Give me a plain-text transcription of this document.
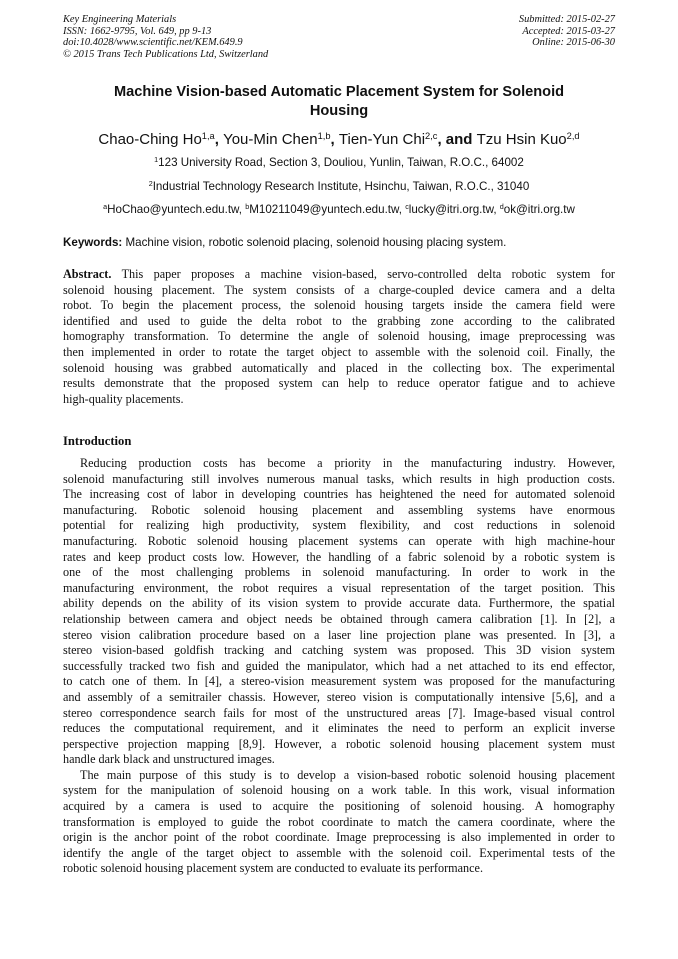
Key Engineering Materials
ISSN: 1662-9795, Vol. 649, pp 9-13
doi:10.4028/www.scientific.net/KEM.649.9
© 2015 Trans Tech Publications Ltd, Switzerland
Submitted: 2015-02-27
Accepted: 2015-03-27
Online: 2015-06-30
Machine Vision-based Automatic Placement System for Solenoid
Housing
Chao-Ching Ho$^{1,a}$, You-Min Chen$^{1,b}$, Tien-Yun Chi$^{2,c}$, and Tzu Hsin Kuo$^{2,d}$
$^1$123 University Road, Section 3, Douliou, Yunlin, Taiwan, R.O.C., 64002
$^2$Industrial Technology Research Institute, Hsinchu, Taiwan, R.O.C., 31040
$^a$HoChao@yuntech.edu.tw, $^b$M10211049@yuntech.edu.tw, $^c$lucky@itri.org.tw, $^d$ok@itri.org.tw
Keywords: Machine vision, robotic solenoid placing, solenoid housing placing system.
Abstract. This paper proposes a machine vision-based, servo-controlled delta robotic system for
solenoid housing placement. The system consists of a charge-coupled device camera and a delta
robot. To begin the placement process, the solenoid housing targets inside the camera field were
identified and used to guide the delta robot to the grabbing zone according to the calibrated
homography transformation. To determine the angle of solenoid housing, image preprocessing was
then implemented in order to rotate the target object to assemble with the solenoid coil. Finally, the
solenoid housing was grabbed automatically and placed in the collecting box. The experimental
results demonstrate that the proposed system can help to reduce operator fatigue and to achieve
high-quality placements.
Introduction
Reducing production costs has become a priority in the manufacturing industry. However,
solenoid manufacturing still involves numerous manual tasks, which results in high production costs.
The increasing cost of labor in developing countries has heightened the need for automated solenoid
manufacturing. Robotic solenoid housing placement and assembling systems have enormous
potential for realizing high productivity, system flexibility, and cost reductions in solenoid
manufacturing. Robotic solenoid housing placement systems can operate with high machine-hour
rates and keep product costs low. However, the handling of a fabric solenoid by a robotic system is
one of the most challenging problems in solenoid manufacturing. In order to work in the
manufacturing environment, the robot requires a visual representation of the target position. This
ability depends on the ability of its vision system to provide accurate data. Furthermore, the spatial
relationship between camera and object needs be obtained through camera calibration [1]. In [2], a
stereo vision calibration procedure based on a laser line projection plane was presented. In [3], a
stereo vision-based goldfish tracking and catching system was proposed. This 3D vision system
successfully tracked two fish and guided the manipulator, which had a net attached to its end effector,
to catch one of them. In [4], a stereo-vision measurement system was proposed for the manufacturing
and assembly of a semitrailer chassis. However, stereo vision is computationally intensive [5,6], and a
stereo correspondence search fails for most of the unstructured areas [7]. Image-based visual control
reduces the computational requirement, and it eliminates the need to perform an explicit inverse
perspective projection mapping [8,9]. However, a robotic solenoid housing placement system must
handle dark black and unstructured images.
The main purpose of this study is to develop a vision-based robotic solenoid housing placement
system for the manipulation of solenoid housing on a work table. In this work, visual information
acquired by a camera is used to acquire the positioning of solenoid housing. A homography
transformation is employed to guide the robot coordinate to match the camera coordinate, where the
origin is the anchor point of the robot coordinate. Image preprocessing is also implemented in order to
identify the angle of the target object to assemble with the solenoid coil. Experimental tests of the
robotic solenoid housing placement system are conducted to evaluate its performance.
